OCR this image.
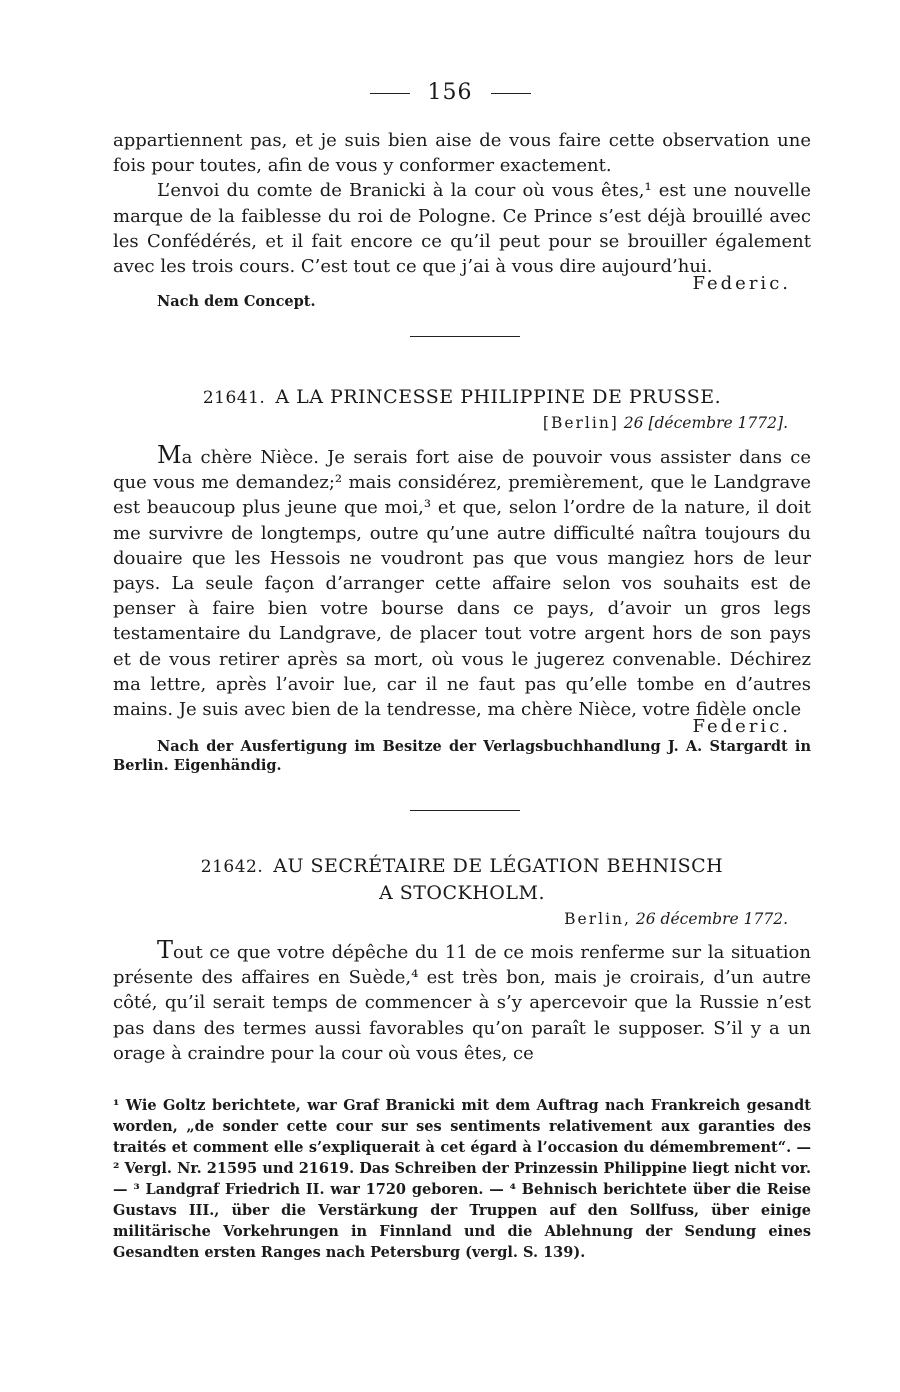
156

appartiennent pas, et je suis bien aise de vous faire cette observation une fois pour toutes, afin de vous y conformer exactement.

L’envoi du comte de Branicki à la cour où vous êtes,¹ est une nouvelle marque de la faiblesse du roi de Pologne. Ce Prince s’est déjà brouillé avec les Confédérés, et il fait encore ce qu’il peut pour se brouiller également avec les trois cours. C’est tout ce que j’ai à vous dire aujourd’hui.

Federic.

Nach dem Concept.

21641. A LA PRINCESSE PHILIPPINE DE PRUSSE.
[Berlin] 26 [décembre 1772].

Ma chère Nièce. Je serais fort aise de pouvoir vous assister dans ce que vous me demandez;² mais considérez, premièrement, que le Landgrave est beaucoup plus jeune que moi,³ et que, selon l’ordre de la nature, il doit me survivre de longtemps, outre qu’une autre difficulté naîtra toujours du douaire que les Hessois ne voudront pas que vous mangiez hors de leur pays. La seule façon d’arranger cette affaire selon vos souhaits est de penser à faire bien votre bourse dans ce pays, d’avoir un gros legs testamentaire du Landgrave, de placer tout votre argent hors de son pays et de vous retirer après sa mort, où vous le jugerez convenable. Déchirez ma lettre, après l’avoir lue, car il ne faut pas qu’elle tombe en d’autres mains. Je suis avec bien de la tendresse, ma chère Nièce, votre fidèle oncle

Federic.

Nach der Ausfertigung im Besitze der Verlagsbuchhandlung J. A. Stargardt in Berlin. Eigenhändig.

21642. AU SECRÉTAIRE DE LÉGATION BEHNISCH
A STOCKHOLM.
Berlin, 26 décembre 1772.

Tout ce que votre dépêche du 11 de ce mois renferme sur la situation présente des affaires en Suède,⁴ est très bon, mais je croirais, d’un autre côté, qu’il serait temps de commencer à s’y apercevoir que la Russie n’est pas dans des termes aussi favorables qu’on paraît le supposer. S’il y a un orage à craindre pour la cour où vous êtes, ce

¹ Wie Goltz berichtete, war Graf Branicki mit dem Auftrag nach Frankreich gesandt worden, „de sonder cette cour sur ses sentiments relativement aux garanties des traités et comment elle s’expliquerait à cet égard à l’occasion du démembrement“. — ² Vergl. Nr. 21595 und 21619. Das Schreiben der Prinzessin Philippine liegt nicht vor. — ³ Landgraf Friedrich II. war 1720 geboren. — ⁴ Behnisch berichtete über die Reise Gustavs III., über die Verstärkung der Truppen auf den Sollfuss, über einige militärische Vorkehrungen in Finnland und die Ablehnung der Sendung eines Gesandten ersten Ranges nach Petersburg (vergl. S. 139).
